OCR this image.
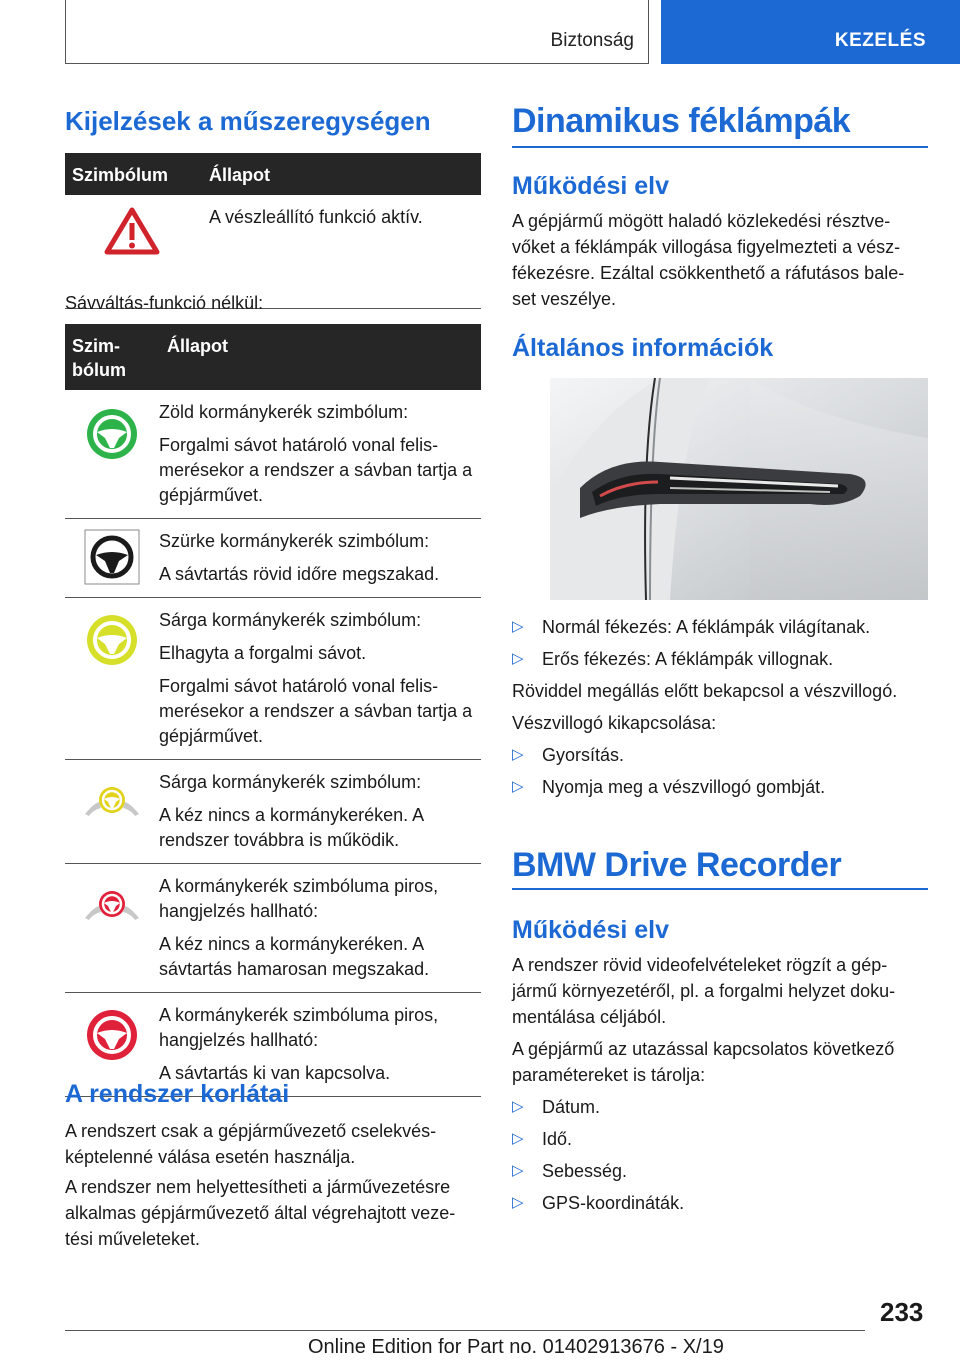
Biztonság	KEZELÉS
Kijelzések a műszeregységen
Szimbólum	Állapot

A vészleállító funkció aktív.

Sávváltás-funkció nélkül:

Szim-
bólum	Állapot

Zöld kormánykerék szimbólum:

Forgalmi sávot határoló vonal felis-merésekor a rendszer a sávban tartja a gépjárművet.

Szürke kormánykerék szimbólum:

A sávtartás rövid időre megszakad.

Sárga kormánykerék szimbólum:

Elhagyta a forgalmi sávot.

Forgalmi sávot határoló vonal felis-merésekor a rendszer a sávban tartja a gépjárművet.

Sárga kormánykerék szimbólum:

A kéz nincs a kormánykeréken. A rendszer továbbra is működik.

A kormánykerék szimbóluma piros, hangjelzés hallható:

A kéz nincs a kormánykeréken. A sávtartás hamarosan megszakad.

A kormánykerék szimbóluma piros, hangjelzés hallható:

A sávtartás ki van kapcsolva.

A rendszer korlátai

A rendszert csak a gépjárművezető cselekvés-képtelenné válása esetén használja.

A rendszer nem helyettesítheti a járművezetésre alkalmas gépjárművezető által végrehajtott veze-tési műveleteket.

Dinamikus féklámpák
Működési elv

A gépjármű mögött haladó közlekedési résztve-vőket a féklámpák villogása figyelmezteti a vész-fékezésre. Ezáltal csökkenthető a ráfutásos bale-set veszélye.

Általános információk
▷ Normál fékezés: A féklámpák világítanak.
▷ Erős fékezés: A féklámpák villognak.

Röviddel megállás előtt bekapcsol a vészvillogó.

Vészvillogó kikapcsolása:

▷ Gyorsítás.
▷ Nyomja meg a vészvillogó gombját.
BMW Drive Recorder
Működési elv

A rendszer rövid videofelvételeket rögzít a gép-jármű környezetéről, pl. a forgalmi helyzet doku-mentálása céljából.

A gépjármű az utazással kapcsolatos következő paramétereket is tárolja:

▷ Dátum.
▷ Idő.
▷ Sebesség.
▷ GPS-koordináták.
233
Online Edition for Part no. 01402913676 - X/19
